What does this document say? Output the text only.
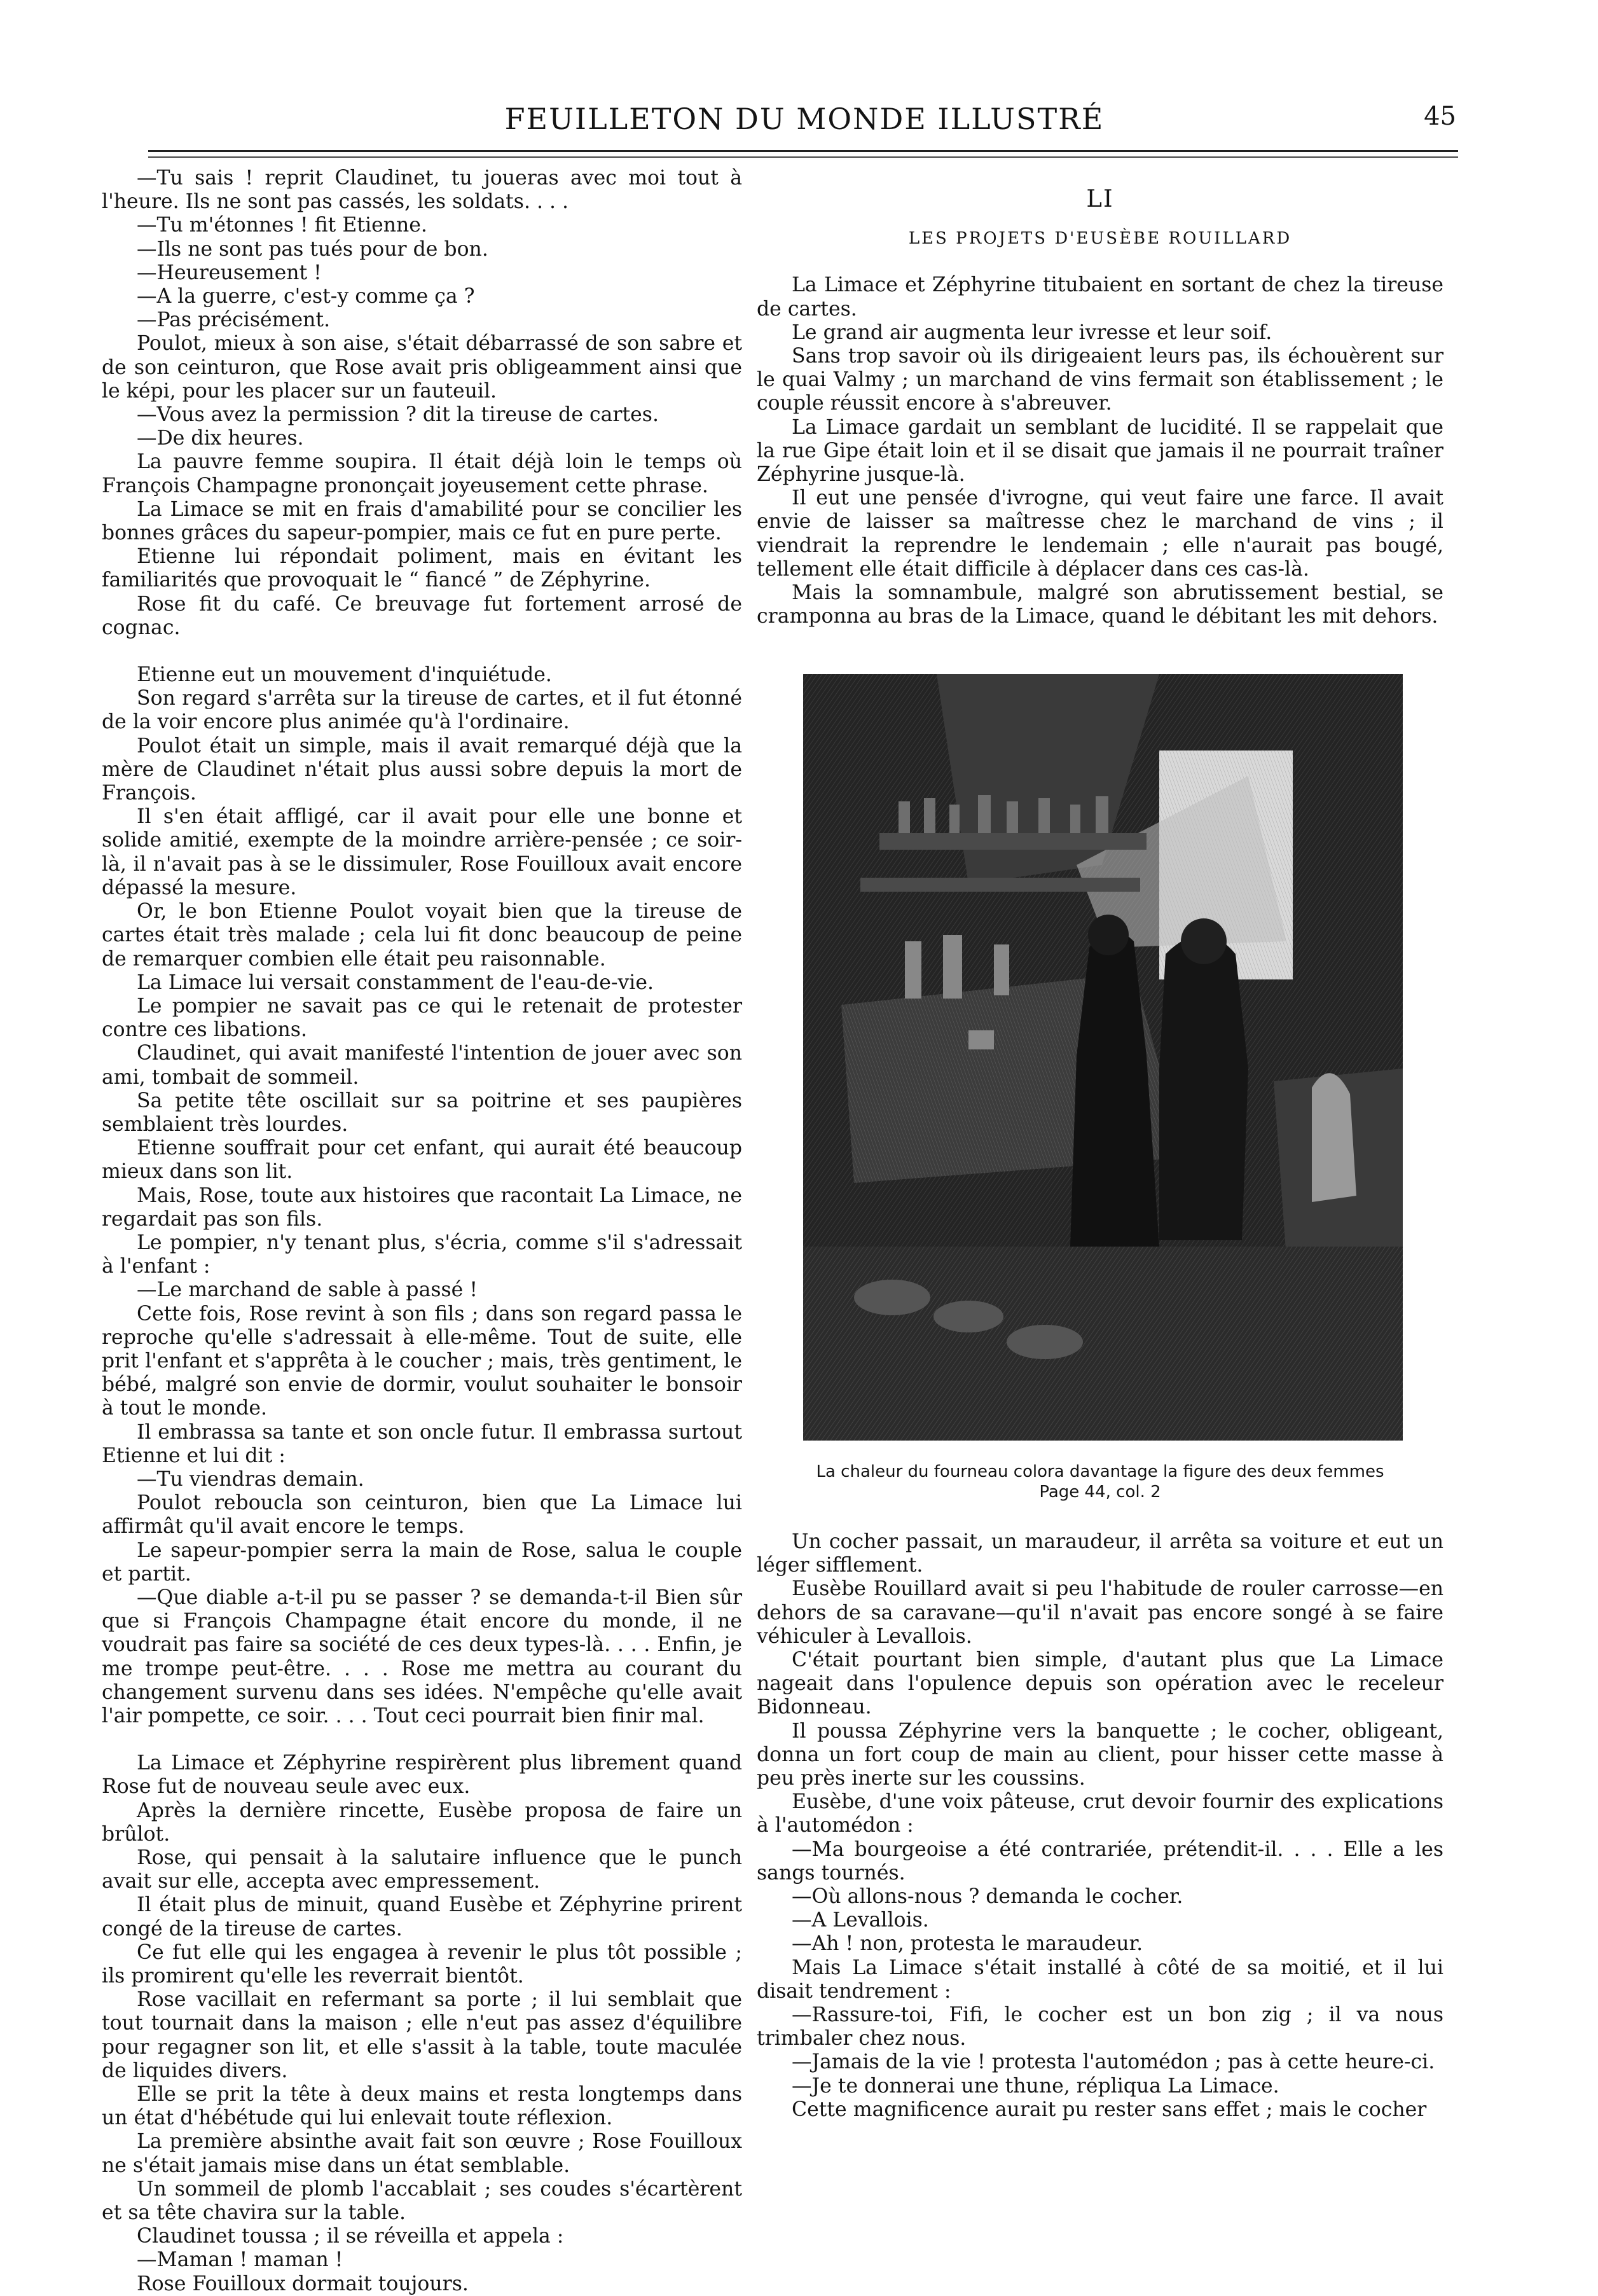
FEUILLETON DU MONDE ILLUSTRÉ	45

—Tu sais ! reprit Claudinet, tu joueras avec moi tout à l'heure. Ils ne sont pas cassés, les soldats. . . .

—Tu m'étonnes ! fit Etienne.

—Ils ne sont pas tués pour de bon.

—Heureusement !

—A la guerre, c'est-y comme ça ?

—Pas précisément.

Poulot, mieux à son aise, s'était débarrassé de son sabre et de son ceinturon, que Rose avait pris obligeamment ainsi que le képi, pour les placer sur un fauteuil.

—Vous avez la permission ? dit la tireuse de cartes.

—De dix heures.

La pauvre femme soupira. Il était déjà loin le temps où François Champagne prononçait joyeusement cette phrase.

La Limace se mit en frais d'amabilité pour se concilier les bonnes grâces du sapeur-pompier, mais ce fut en pure perte.

Etienne lui répondait poliment, mais en évitant les familiarités que provoquait le “ fiancé ” de Zéphyrine.

Rose fit du café. Ce breuvage fut fortement arrosé de cognac.

Etienne eut un mouvement d'inquiétude.

Son regard s'arrêta sur la tireuse de cartes, et il fut étonné de la voir encore plus animée qu'à l'ordinaire.

Poulot était un simple, mais il avait remarqué déjà que la mère de Claudinet n'était plus aussi sobre depuis la mort de François.

Il s'en était affligé, car il avait pour elle une bonne et solide amitié, exempte de la moindre arrière-pensée ; ce soir-là, il n'avait pas à se le dissimuler, Rose Fouilloux avait encore dépassé la mesure.

Or, le bon Etienne Poulot voyait bien que la tireuse de cartes était très malade ; cela lui fit donc beaucoup de peine de remarquer combien elle était peu raisonnable.

La Limace lui versait constamment de l'eau-de-vie.

Le pompier ne savait pas ce qui le retenait de protester contre ces libations.

Claudinet, qui avait manifesté l'intention de jouer avec son ami, tombait de sommeil.

Sa petite tête oscillait sur sa poitrine et ses paupières semblaient très lourdes.

Etienne souffrait pour cet enfant, qui aurait été beaucoup mieux dans son lit.

Mais, Rose, toute aux histoires que racontait La Limace, ne regardait pas son fils.

Le pompier, n'y tenant plus, s'écria, comme s'il s'adressait à l'enfant :

—Le marchand de sable à passé !

Cette fois, Rose revint à son fils ; dans son regard passa le reproche qu'elle s'adressait à elle-même. Tout de suite, elle prit l'enfant et s'apprêta à le coucher ; mais, très gentiment, le bébé, malgré son envie de dormir, voulut souhaiter le bonsoir à tout le monde.

Il embrassa sa tante et son oncle futur. Il embrassa surtout Etienne et lui dit :

—Tu viendras demain.

Poulot reboucla son ceinturon, bien que La Limace lui affirmât qu'il avait encore le temps.

Le sapeur-pompier serra la main de Rose, salua le couple et partit.

—Que diable a-t-il pu se passer ? se demanda-t-il Bien sûr que si François Champagne était encore du monde, il ne voudrait pas faire sa société de ces deux types-là. . . . Enfin, je me trompe peut-être. . . . Rose me mettra au courant du changement survenu dans ses idées. N'empêche qu'elle avait l'air pompette, ce soir. . . . Tout ceci pourrait bien finir mal.

La Limace et Zéphyrine respirèrent plus librement quand Rose fut de nouveau seule avec eux.

Après la dernière rincette, Eusèbe proposa de faire un brûlot.

Rose, qui pensait à la salutaire influence que le punch avait sur elle, accepta avec empressement.

Il était plus de minuit, quand Eusèbe et Zéphyrine prirent congé de la tireuse de cartes.

Ce fut elle qui les engagea à revenir le plus tôt possible ; ils promirent qu'elle les reverrait bientôt.

Rose vacillait en refermant sa porte ; il lui semblait que tout tournait dans la maison ; elle n'eut pas assez d'équilibre pour regagner son lit, et elle s'assit à la table, toute maculée de liquides divers.

Elle se prit la tête à deux mains et resta longtemps dans un état d'hébétude qui lui enlevait toute réflexion.

La première absinthe avait fait son œuvre ; Rose Fouilloux ne s'était jamais mise dans un état semblable.

Un sommeil de plomb l'accablait ; ses coudes s'écartèrent et sa tête chavira sur la table.

Claudinet toussa ; il se réveilla et appela :

—Maman ! maman !

Rose Fouilloux dormait toujours.

LI
LES PROJETS D'EUSÈBE ROUILLARD

La Limace et Zéphyrine titubaient en sortant de chez la tireuse de cartes.

Le grand air augmenta leur ivresse et leur soif.

Sans trop savoir où ils dirigeaient leurs pas, ils échouèrent sur le quai Valmy ; un marchand de vins fermait son établissement ; le couple réussit encore à s'abreuver.

La Limace gardait un semblant de lucidité. Il se rappelait que la rue Gipe était loin et il se disait que jamais il ne pourrait traîner Zéphyrine jusque-là.

Il eut une pensée d'ivrogne, qui veut faire une farce. Il avait envie de laisser sa maîtresse chez le marchand de vins ; il viendrait la reprendre le lendemain ; elle n'aurait pas bougé, tellement elle était difficile à déplacer dans ces cas-là.

Mais la somnambule, malgré son abrutissement bestial, se cramponna au bras de la Limace, quand le débitant les mit dehors.

La chaleur du fourneau colora davantage la figure des deux femmes
Page 44, col. 2

Un cocher passait, un maraudeur, il arrêta sa voiture et eut un léger sifflement.

Eusèbe Rouillard avait si peu l'habitude de rouler carrosse—en dehors de sa caravane—qu'il n'avait pas encore songé à se faire véhiculer à Levallois.

C'était pourtant bien simple, d'autant plus que La Limace nageait dans l'opulence depuis son opération avec le receleur Bidonneau.

Il poussa Zéphyrine vers la banquette ; le cocher, obligeant, donna un fort coup de main au client, pour hisser cette masse à peu près inerte sur les coussins.

Eusèbe, d'une voix pâteuse, crut devoir fournir des explications à l'automédon :

—Ma bourgeoise a été contrariée, prétendit-il. . . . Elle a les sangs tournés.

—Où allons-nous ? demanda le cocher.

—A Levallois.

—Ah ! non, protesta le maraudeur.

Mais La Limace s'était installé à côté de sa moitié, et il lui disait tendrement :

—Rassure-toi, Fifi, le cocher est un bon zig ; il va nous trimbaler chez nous.

—Jamais de la vie ! protesta l'automédon ; pas à cette heure-ci.

—Je te donnerai une thune, répliqua La Limace.

Cette magnificence aurait pu rester sans effet ; mais le cocher
